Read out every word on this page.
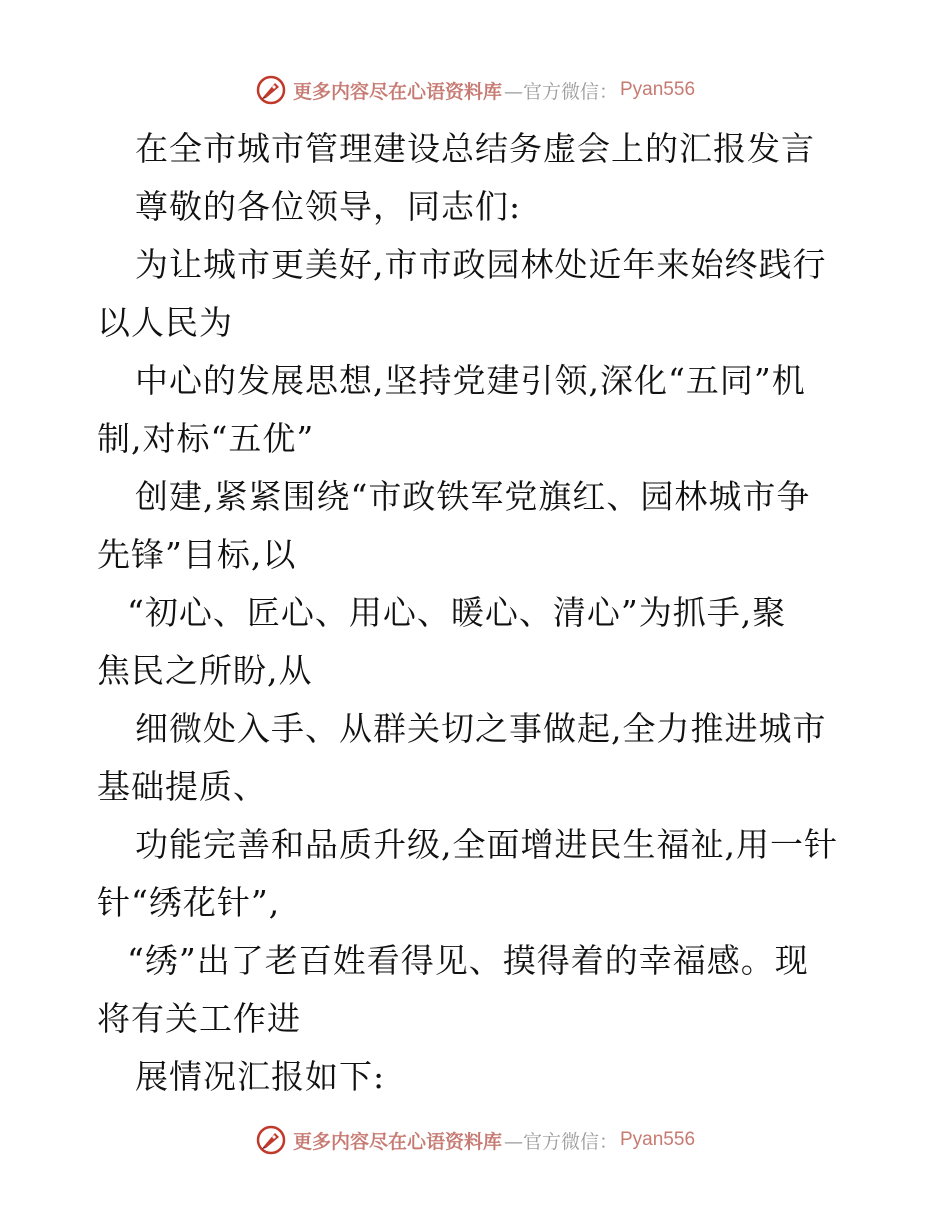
更多内容尽在心语资料库 —官方微信： Pyan556
在全市城市管理建设总结务虚会上的汇报发言
尊敬的各位领导，同志们:
为让城市更美好,市市政园林处近年来始终践行
以人民为
中心的发展思想,坚持党建引领,深化“五同”机
制,对标“五优”
创建,紧紧围绕“市政铁军党旗红、园林城市争
先锋”目标,以
“初心、匠心、用心、暖心、清心”为抓手,聚
焦民之所盼,从
细微处入手、从群关切之事做起,全力推进城市
基础提质、
功能完善和品质升级,全面增进民生福祉,用一针
针“绣花针”,
“绣”出了老百姓看得见、摸得着的幸福感。现
将有关工作进
展情况汇报如下:
更多内容尽在心语资料库 —官方微信： Pyan556
